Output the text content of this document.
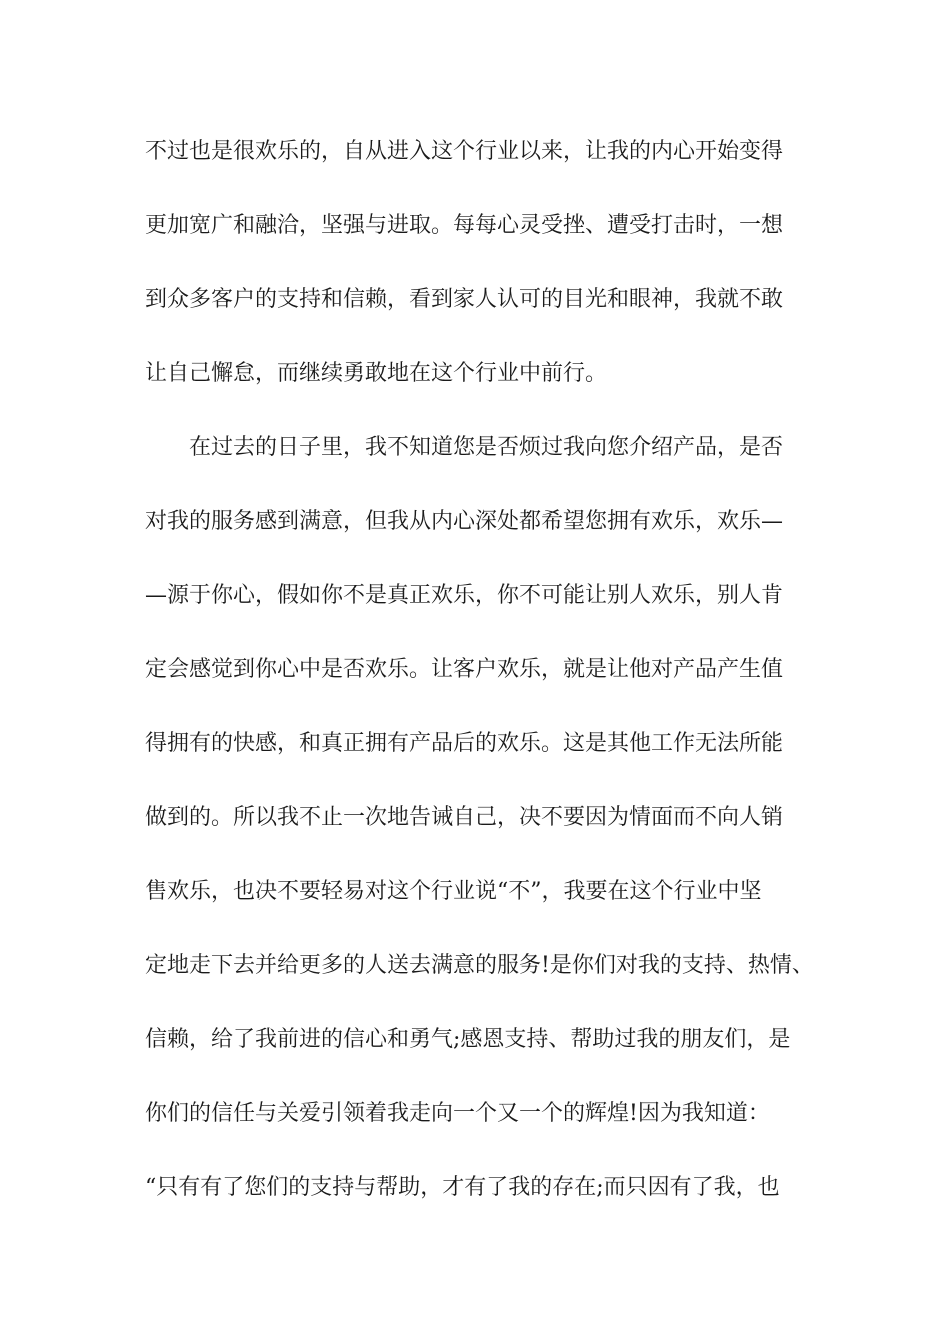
不过也是很欢乐的，自从进入这个行业以来，让我的内心开始变得
更加宽广和融洽，坚强与进取。每每心灵受挫、遭受打击时，一想
到众多客户的支持和信赖，看到家人认可的目光和眼神，我就不敢
让自己懈怠，而继续勇敢地在这个行业中前行。
在过去的日子里，我不知道您是否烦过我向您介绍产品，是否
对我的服务感到满意，但我从内心深处都希望您拥有欢乐，欢乐—
—源于你心，假如你不是真正欢乐，你不可能让别人欢乐，别人肯
定会感觉到你心中是否欢乐。让客户欢乐，就是让他对产品产生值
得拥有的快感，和真正拥有产品后的欢乐。这是其他工作无法所能
做到的。所以我不止一次地告诫自己，决不要因为情面而不向人销
售欢乐，也决不要轻易对这个行业说“不”，我要在这个行业中坚
定地走下去并给更多的人送去满意的服务!是你们对我的支持、热情、
信赖，给了我前进的信心和勇气;感恩支持、帮助过我的朋友们，是
你们的信任与关爱引领着我走向一个又一个的辉煌!因为我知道：
“只有有了您们的支持与帮助，才有了我的存在;而只因有了我，也
